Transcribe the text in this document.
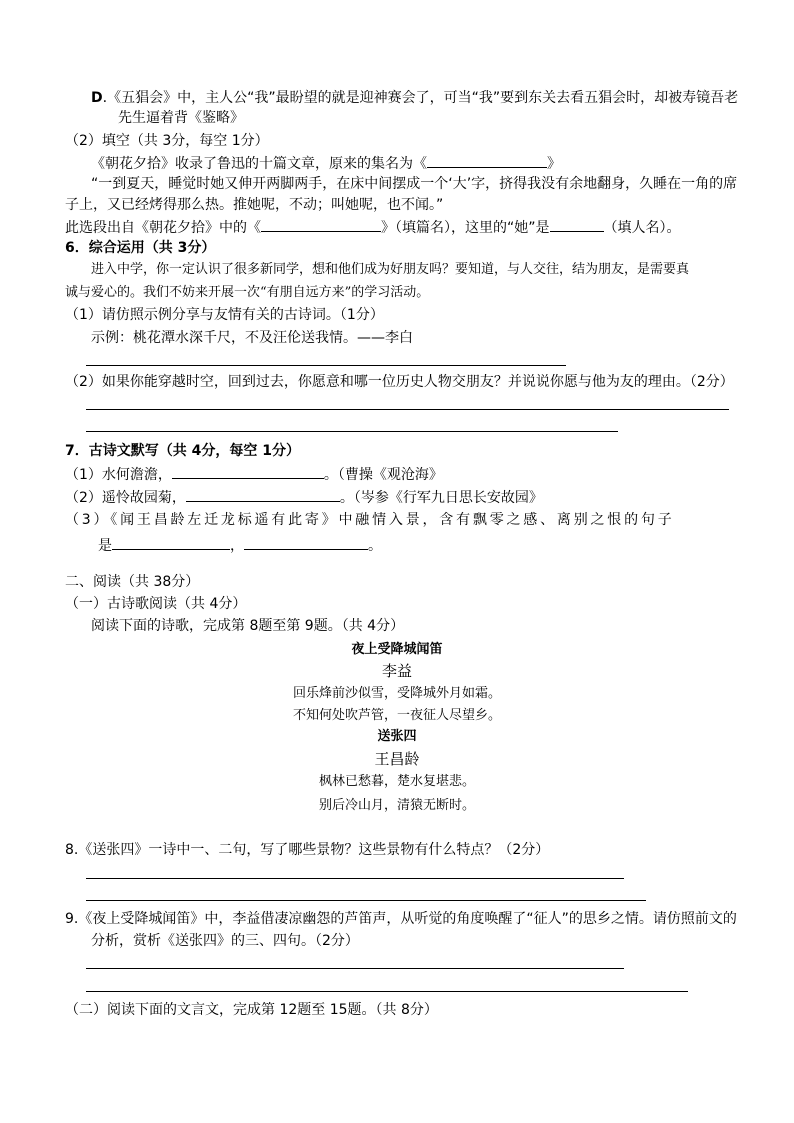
D.《五猖会》中，主人公“我”最盼望的就是迎神赛会了，可当“我”要到东关去看五猖会时，却被寿镜吾老
先生逼着背《鉴略》
（2）填空（共 3分，每空 1分）
《朝花夕拾》收录了鲁迅的十篇文章，原来的集名为《	》
“一到夏天，睡觉时她又伸开两脚两手，在床中间摆成一个‘大’字，挤得我没有余地翻身，久睡在一角的席
子上，又已经烤得那么热。推她呢，不动；叫她呢，也不闻。”
此选段出自《朝花夕拾》中的《	》（填篇名），这里的“她”是	（填人名）。
6．综合运用（共 3分）
进入中学，你一定认识了很多新同学，想和他们成为好朋友吗？要知道，与人交往，结为朋友，是需要真
诚与爱心的。我们不妨来开展一次“有朋自远方来”的学习活动。
（1）请仿照示例分享与友情有关的古诗词。（1分）
示例：桃花潭水深千尺，不及汪伦送我情。——李白
（2）如果你能穿越时空，回到过去，你愿意和哪一位历史人物交朋友？并说说你愿与他为友的理由。（2分）
7．古诗文默写（共 4分，每空 1分）
（1）水何澹澹，	。（曹操《观沧海》
（2）遥怜故园菊，	。（岑参《行军九日思长安故园》
（3）《闻王昌龄左迁龙标遥有此寄》中融情入景，含有飘零之感、离别之恨的句子
是	，	。
二、阅读（共 38分）
（一）古诗歌阅读（共 4分）
阅读下面的诗歌，完成第 8题至第 9题。（共 4分）
夜上受降城闻笛
李益
回乐烽前沙似雪，受降城外月如霜。
不知何处吹芦管，一夜征人尽望乡。
送张四
王昌龄
枫林已愁暮，楚水复堪悲。
别后冷山月，清猿无断时。
8.《送张四》一诗中一、二句，写了哪些景物？这些景物有什么特点？（2分）
9.《夜上受降城闻笛》中，李益借凄凉幽怨的芦笛声，从听觉的角度唤醒了“征人”的思乡之情。请仿照前文的
分析，赏析《送张四》的三、四句。（2分）
（二）阅读下面的文言文，完成第 12题至 15题。（共 8分）
